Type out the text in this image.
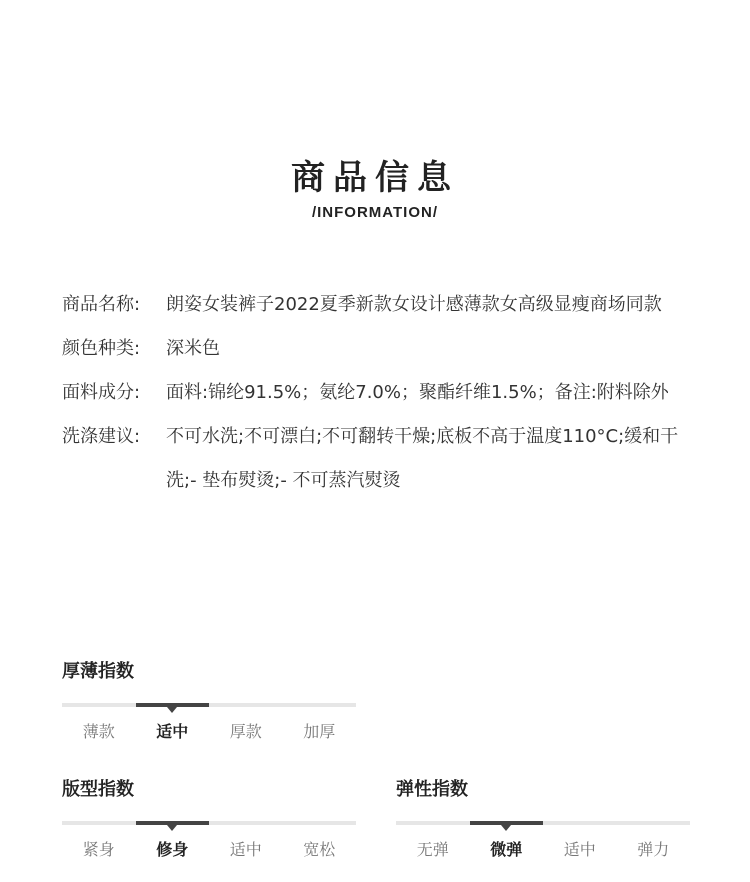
商品信息
/INFORMATION/
商品名称:	朗姿女装裤子2022夏季新款女设计感薄款女高级显瘦商场同款
颜色种类:	深米色
面料成分:	面料:锦纶91.5%；氨纶7.0%；聚酯纤维1.5%；备注:附料除外
洗涤建议:	不可水洗;不可漂白;不可翻转干燥;底板不高于温度110°C;缓和干洗;- 垫布熨烫;- 不可蒸汽熨烫
厚薄指数
薄款	适中	厚款	加厚
版型指数
紧身	修身	适中	宽松
弹性指数
无弹	微弹	适中	弹力
